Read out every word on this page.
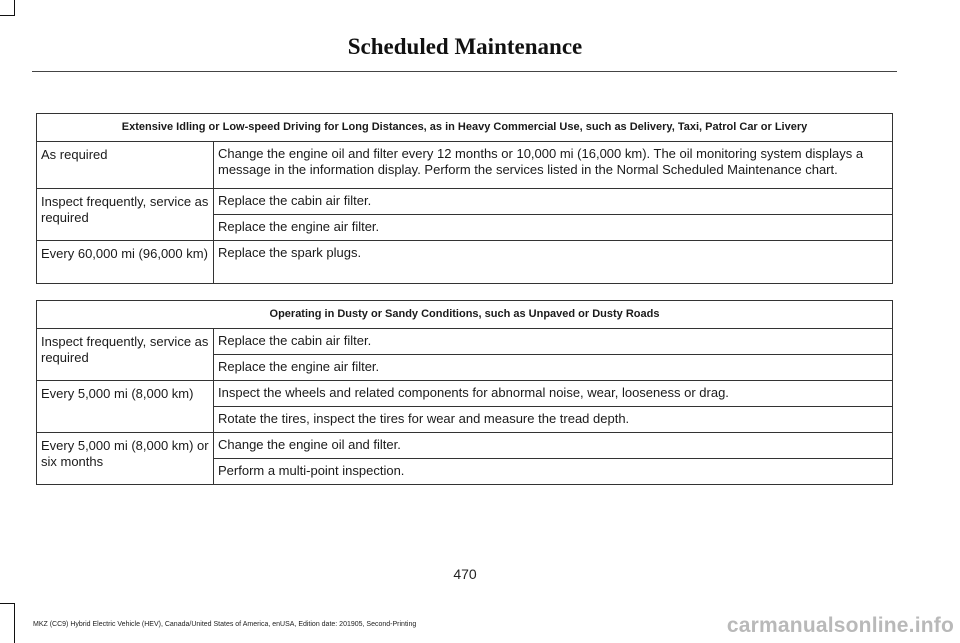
Scheduled Maintenance
Extensive Idling or Low-speed Driving for Long Distances, as in Heavy Commercial Use, such as Delivery, Taxi, Patrol Car or Livery	
As required	Change the engine oil and filter every 12 months or 10,000 mi (16,000 km). The oil monitoring system displays a message in the information display. Perform the services listed in the Normal Scheduled Maintenance chart.
Inspect frequently, service as required	Replace the cabin air filter.
	Replace the engine air filter.
Every 60,000 mi (96,000 km)	Replace the spark plugs.
Operating in Dusty or Sandy Conditions, such as Unpaved or Dusty Roads	
Inspect frequently, service as required	Replace the cabin air filter.
	Replace the engine air filter.
Every 5,000 mi (8,000 km)	Inspect the wheels and related components for abnormal noise, wear, looseness or drag.
	Rotate the tires, inspect the tires for wear and measure the tread depth.
Every 5,000 mi (8,000 km) or six months	Change the engine oil and filter.
	Perform a multi-point inspection.
470
MKZ (CC9) Hybrid Electric Vehicle (HEV), Canada/United States of America, enUSA, Edition date: 201905, Second-Printing	carmanualsonline.info
